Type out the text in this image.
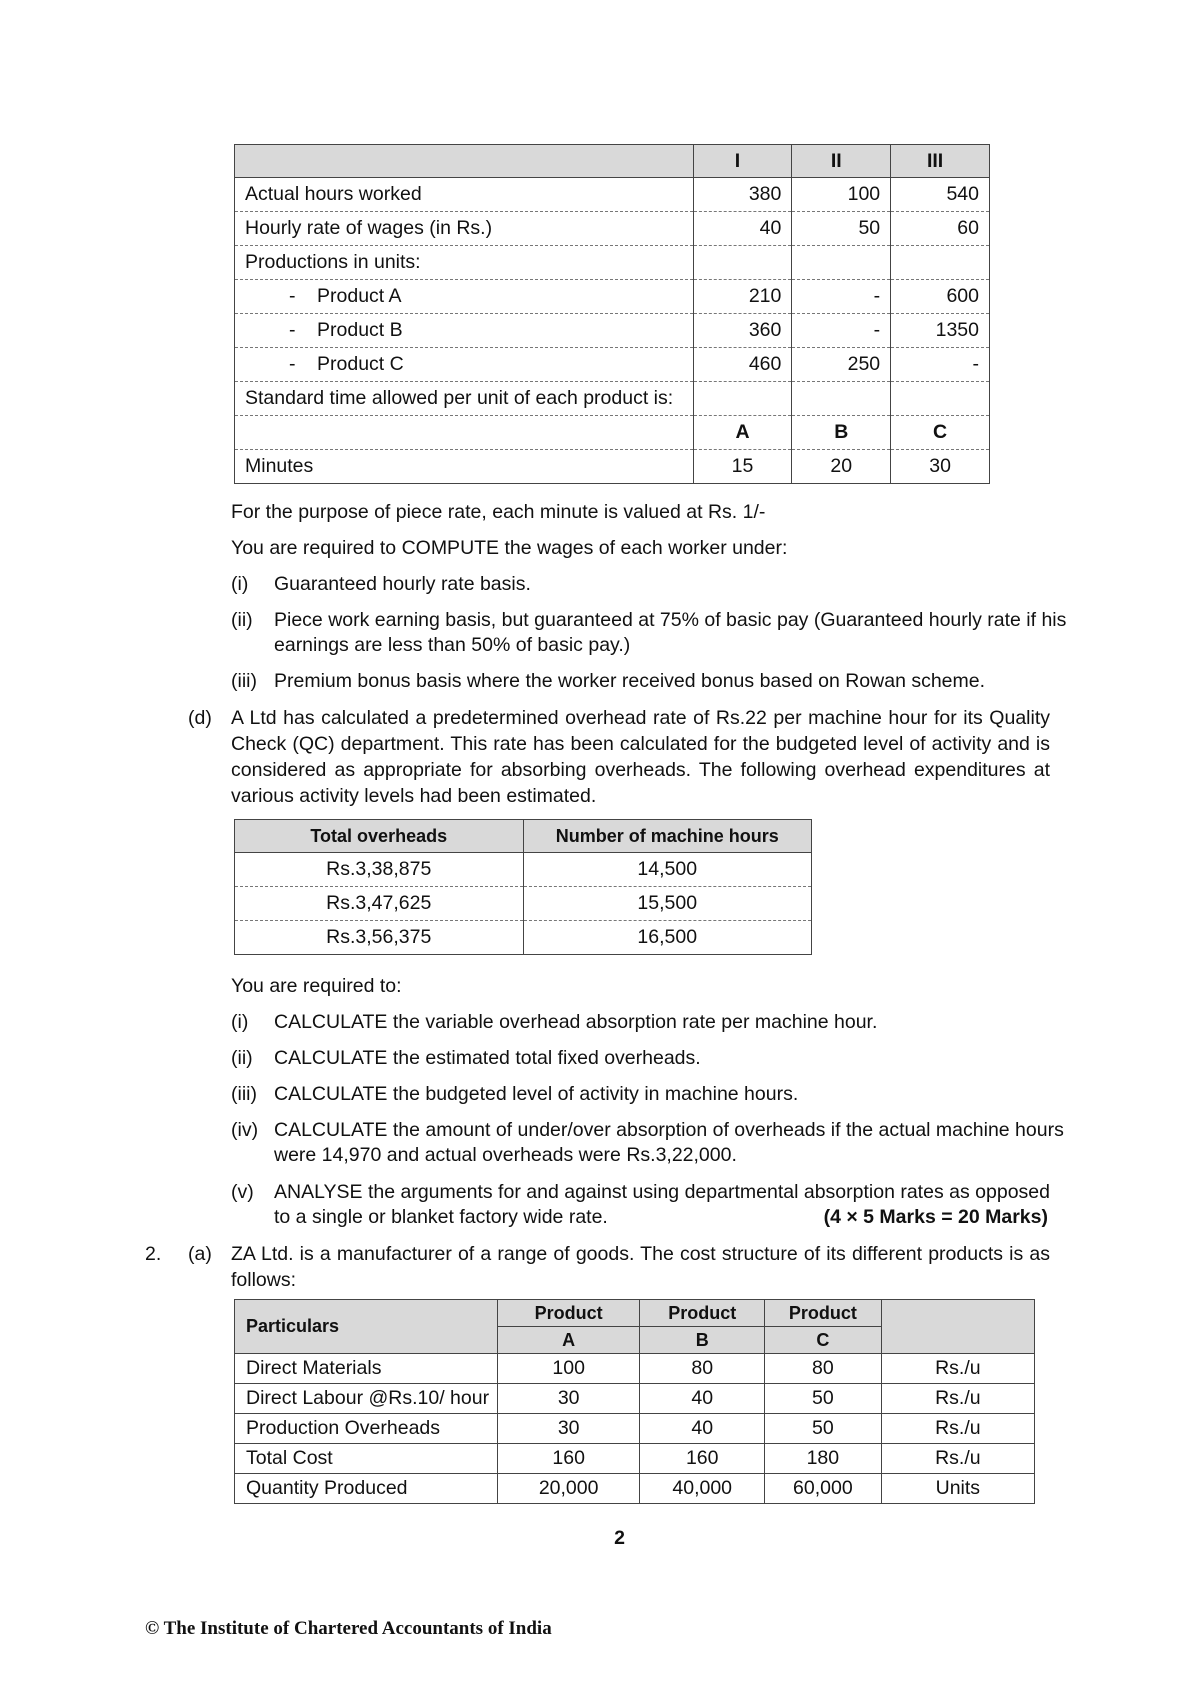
	I	II	III
Actual hours worked	380	100	540
Hourly rate of wages (in Rs.)	40	50	60
Productions in units:			
- Product A	210	-	600
- Product B	360	-	1350
- Product C	460	250	-
Standard time allowed per unit of each product is:			
	A	B	C
Minutes	15	20	30
For the purpose of piece rate, each minute is valued at Rs. 1/-
You are required to COMPUTE the wages of each worker under:
(i) Guaranteed hourly rate basis.
(ii) Piece work earning basis, but guaranteed at 75% of basic pay (Guaranteed hourly rate if his
earnings are less than 50% of basic pay.)
(iii) Premium bonus basis where the worker received bonus based on Rowan scheme.
(d) A Ltd has calculated a predetermined overhead rate of Rs.22 per machine hour for its Quality
Check (QC) department. This rate has been calculated for the budgeted level of activity and is
considered as appropriate for absorbing overheads. The following overhead expenditures at
various activity levels had been estimated.
Total overheads	Number of machine hours
Rs.3,38,875	14,500
Rs.3,47,625	15,500
Rs.3,56,375	16,500
You are required to:
(i) CALCULATE the variable overhead absorption rate per machine hour.
(ii) CALCULATE the estimated total fixed overheads.
(iii) CALCULATE the budgeted level of activity in machine hours.
(iv) CALCULATE the amount of under/over absorption of overheads if the actual machine hours
were 14,970 and actual overheads were Rs.3,22,000.
(v) ANALYSE the arguments for and against using departmental absorption rates as opposed
to a single or blanket factory wide rate.	(4 × 5 Marks = 20 Marks)
2. (a) ZA Ltd. is a manufacturer of a range of goods. The cost structure of its different products is as
follows:
Particulars	Product	Product	Product	
	A	B	C	
Direct Materials	100	80	80	Rs./u
Direct Labour @Rs.10/ hour	30	40	50	Rs./u
Production Overheads	30	40	50	Rs./u
Total Cost	160	160	180	Rs./u
Quantity Produced	20,000	40,000	60,000	Units
2
© The Institute of Chartered Accountants of India
